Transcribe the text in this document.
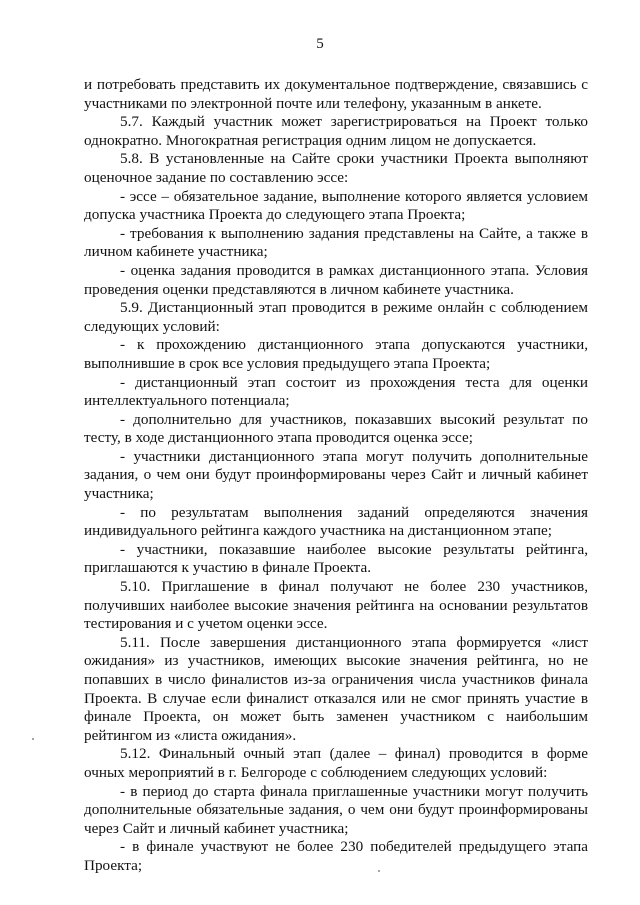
5

и потребовать представить их документальное подтверждение, связавшись с участниками по электронной почте или телефону, указанным в анкете.

5.7. Каждый участник может зарегистрироваться на Проект только однократно. Многократная регистрация одним лицом не допускается.

5.8. В установленные на Сайте сроки участники Проекта выполняют оценочное задание по составлению эссе:

- эссе – обязательное задание, выполнение которого является условием допуска участника Проекта до следующего этапа Проекта;

- требования к выполнению задания представлены на Сайте, а также в личном кабинете участника;

- оценка задания проводится в рамках дистанционного этапа. Условия проведения оценки представляются в личном кабинете участника.

5.9. Дистанционный этап проводится в режиме онлайн с соблюдением следующих условий:

- к прохождению дистанционного этапа допускаются участники, выполнившие в срок все условия предыдущего этапа Проекта;

- дистанционный этап состоит из прохождения теста для оценки интеллектуального потенциала;

- дополнительно для участников, показавших высокий результат по тесту, в ходе дистанционного этапа проводится оценка эссе;

- участники дистанционного этапа могут получить дополнительные задания, о чем они будут проинформированы через Сайт и личный кабинет участника;

- по результатам выполнения заданий определяются значения индивидуального рейтинга каждого участника на дистанционном этапе;

- участники, показавшие наиболее высокие результаты рейтинга, приглашаются к участию в финале Проекта.

5.10. Приглашение в финал получают не более 230 участников, получивших наиболее высокие значения рейтинга на основании результатов тестирования и с учетом оценки эссе.

5.11. После завершения дистанционного этапа формируется «лист ожидания» из участников, имеющих высокие значения рейтинга, но не попавших в число финалистов из-за ограничения числа участников финала Проекта. В случае если финалист отказался или не смог принять участие в финале Проекта, он может быть заменен участником с наибольшим рейтингом из «листа ожидания».

5.12. Финальный очный этап (далее – финал) проводится в форме очных мероприятий в г. Белгороде с соблюдением следующих условий:

- в период до старта финала приглашенные участники могут получить дополнительные обязательные задания, о чем они будут проинформированы через Сайт и личный кабинет участника;

- в финале участвуют не более 230 победителей предыдущего этапа Проекта;
